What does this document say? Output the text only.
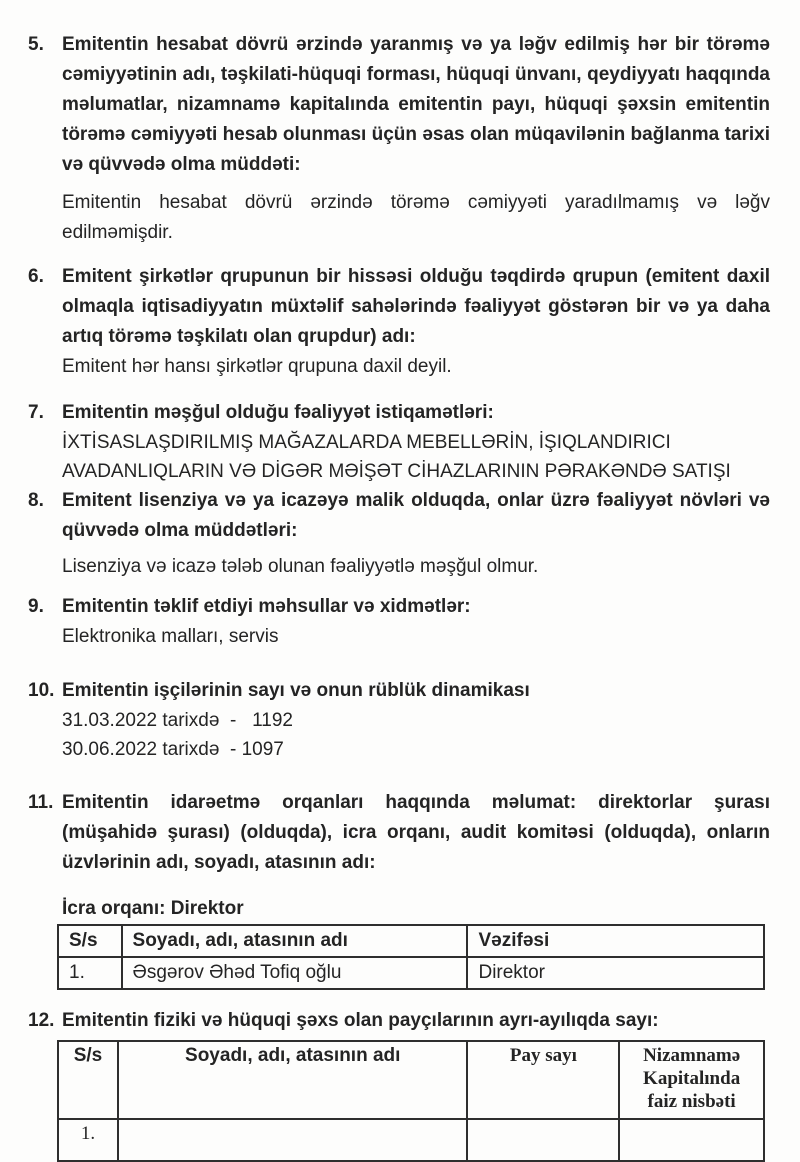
5. Emitentin hesabat dövrü ərzində yaranmış və ya ləğv edilmiş hər bir törəmə cəmiyyətinin adı, təşkilati-hüquqi forması, hüquqi ünvanı, qeydiyyatı haqqında məlumatlar, nizamnamə kapitalında emitentin payı, hüquqi şəxsin emitentin törəmə cəmiyyəti hesab olunması üçün əsas olan müqavilənin bağlanma tarixi və qüvvədə olma müddəti:

Emitentin hesabat dövrü ərzində törəmə cəmiyyəti yaradılmamış və ləğv edilməmişdir.

6. Emitent şirkətlər qrupunun bir hissəsi olduğu təqdirdə qrupun (emitent daxil olmaqla iqtisadiyyatın müxtəlif sahələrində fəaliyyət göstərən bir və ya daha artıq törəmə təşkilatı olan qrupdur) adı:

Emitent hər hansı şirkətlər qrupuna daxil deyil.

7. Emitentin məşğul olduğu fəaliyyət istiqamətləri:

İXTİSASLAŞDIRILMIŞ MAĞAZALARDA MEBELLƏRİN, İŞIQLANDIRICI

AVADANLIQLARIN VƏ DİGƏR MƏİŞƏT CİHAZLARININ PƏRAKƏNDƏ SATIŞI

8. Emitent lisenziya və ya icazəyə malik olduqda, onlar üzrə fəaliyyət növləri və qüvvədə olma müddətləri:

Lisenziya və icazə tələb olunan fəaliyyətlə məşğul olmur.

9. Emitentin təklif etdiyi məhsullar və xidmətlər:

Elektronika malları, servis

10. Emitentin işçilərinin sayı və onun rüblük dinamikası

31.03.2022 tarixdə  -   1192

30.06.2022 tarixdə  - 1097

11. Emitentin idarəetmə orqanları haqqında məlumat: direktorlar şurası (müşahidə şurası) (olduqda), icra orqanı, audit komitəsi (olduqda), onların üzvlərinin adı, soyadı, atasının adı:

İcra orqanı: Direktor

S/s	Soyadı, adı, atasının adı	Vəzifəsi
1.	Əsgərov Əhəd Tofiq oğlu	Direktor
12. Emitentin fiziki və hüquqi şəxs olan payçılarının ayrı-ayılıqda sayı:

S/s	Soyadı, adı, atasının adı	Pay sayı	Nizamnamə Kapitalında faiz nisbəti
1.			
